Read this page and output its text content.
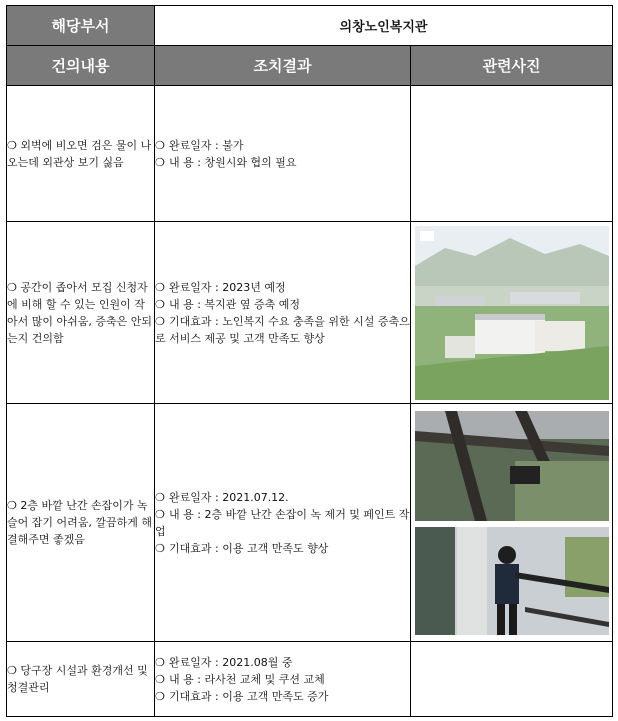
해당부서	의창노인복지관	
건의내용	조치결과	관련사진
❍ 외벽에 비오면 검은 물이 나오는데 외관상 보기 싫음	❍ 완료일자 : 불가
❍ 내 용 : 창원시와 협의 필요	

❍ 공간이 좁아서 모집 신청자에 비해 할 수 있는 인원이 작아서 많이 아쉬움, 증축은 안되는지 건의함	❍ 완료일자 : 2023년 예정
❍ 내 용 : 복지관 옆 증축 예정
❍ 기대효과 : 노인복지 수요 충족을 위한 시설 증축으로 서비스 제공 및 고객 만족도 향상

❍ 2층 바깥 난간 손잡이가 녹슬어 잡기 어려움, 깔끔하게 해결해주면 좋겠음	❍ 완료일자 : 2021.07.12.
❍ 내 용 : 2층 바깥 난간 손잡이 녹 제거 및 페인트 작업
❍ 기대효과 : 이용 고객 만족도 향상

❍ 당구장 시설과 환경개선 및 청결관리	❍ 완료일자 : 2021.08월 중
❍ 내 용 : 라사천 교체 및 쿠션 교체
❍ 기대효과 : 이용 고객 만족도 증가	
